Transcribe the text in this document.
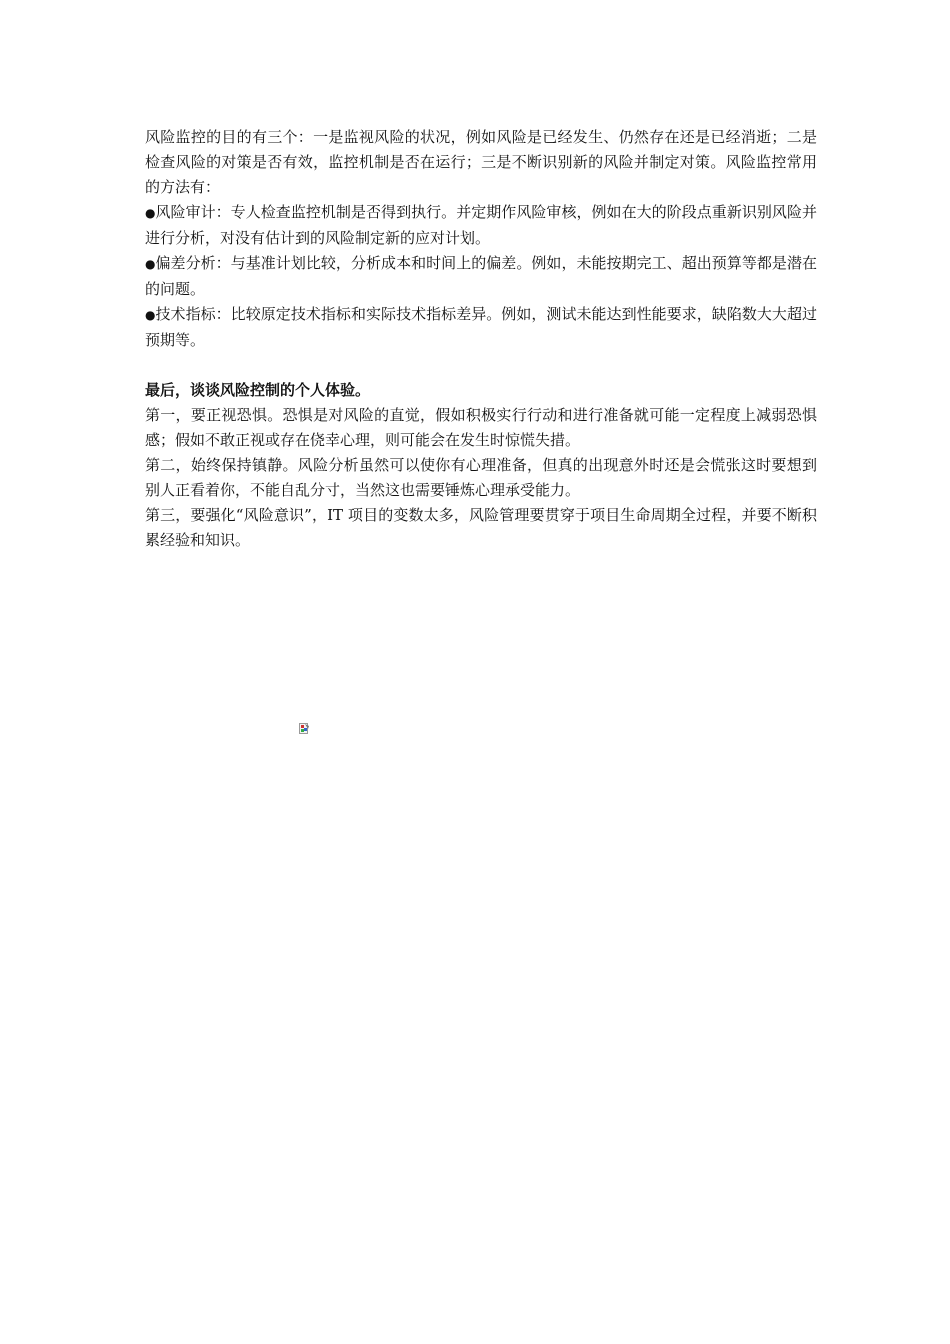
风险监控的目的有三个：一是监视风险的状况，例如风险是已经发生、仍然存在还是已经消逝；二是检查风险的对策是否有效，监控机制是否在运行；三是不断识别新的风险并制定对策。风险监控常用的方法有：

●风险审计：专人检查监控机制是否得到执行。并定期作风险审核，例如在大的阶段点重新识别风险并进行分析，对没有估计到的风险制定新的应对计划。

●偏差分析：与基准计划比较，分析成本和时间上的偏差。例如，未能按期完工、超出预算等都是潜在的问题。

●技术指标：比较原定技术指标和实际技术指标差异。例如，测试未能达到性能要求，缺陷数大大超过预期等。

最后，谈谈风险控制的个人体验。

第一，要正视恐惧。恐惧是对风险的直觉，假如积极实行行动和进行准备就可能一定程度上减弱恐惧感；假如不敢正视或存在侥幸心理，则可能会在发生时惊慌失措。

第二，始终保持镇静。风险分析虽然可以使你有心理准备，但真的出现意外时还是会慌张这时要想到别人正看着你，不能自乱分寸，当然这也需要锤炼心理承受能力。

第三，要强化“风险意识”，IT 项目的变数太多，风险管理要贯穿于项目生命周期全过程，并要不断积累经验和知识。
